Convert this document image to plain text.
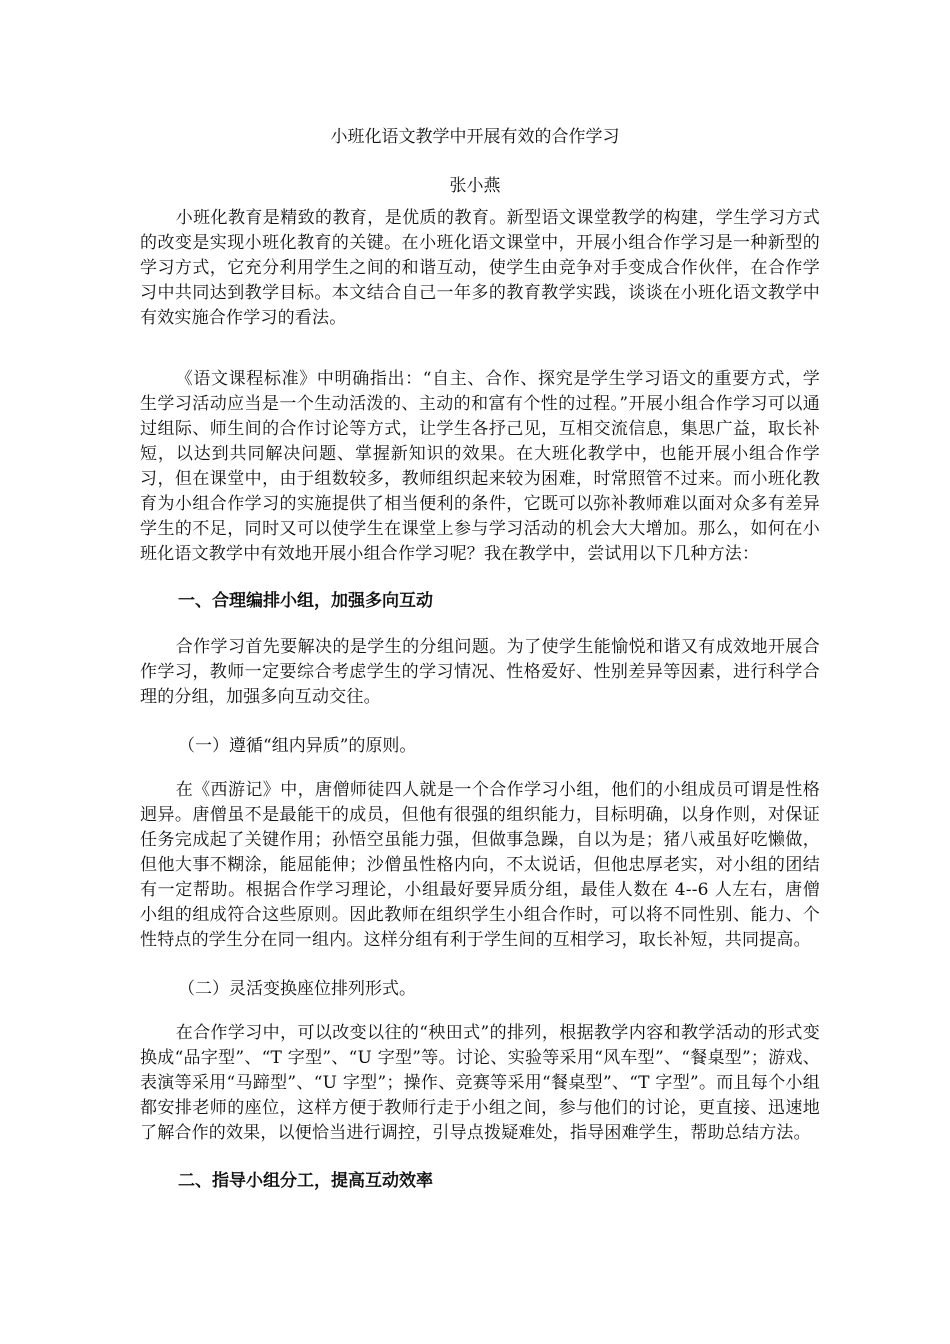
小班化语文教学中开展有效的合作学习
张小燕

小班化教育是精致的教育，是优质的教育。新型语文课堂教学的构建，学生学习方式的改变是实现小班化教育的关键。在小班化语文课堂中，开展小组合作学习是一种新型的学习方式，它充分利用学生之间的和谐互动，使学生由竞争对手变成合作伙伴，在合作学习中共同达到教学目标。本文结合自己一年多的教育教学实践，谈谈在小班化语文教学中有效实施合作学习的看法。

《语文课程标准》中明确指出：“自主、合作、探究是学生学习语文的重要方式，学生学习活动应当是一个生动活泼的、主动的和富有个性的过程。”开展小组合作学习可以通过组际、师生间的合作讨论等方式，让学生各抒己见，互相交流信息，集思广益，取长补短，以达到共同解决问题、掌握新知识的效果。在大班化教学中，也能开展小组合作学习，但在课堂中，由于组数较多，教师组织起来较为困难，时常照管不过来。而小班化教育为小组合作学习的实施提供了相当便利的条件，它既可以弥补教师难以面对众多有差异学生的不足，同时又可以使学生在课堂上参与学习活动的机会大大增加。那么，如何在小班化语文教学中有效地开展小组合作学习呢？我在教学中，尝试用以下几种方法：

一、合理编排小组，加强多向互动

合作学习首先要解决的是学生的分组问题。为了使学生能愉悦和谐又有成效地开展合作学习，教师一定要综合考虑学生的学习情况、性格爱好、性别差异等因素，进行科学合理的分组，加强多向互动交往。

（一）遵循“组内异质”的原则。

在《西游记》中，唐僧师徒四人就是一个合作学习小组，他们的小组成员可谓是性格迥异。唐僧虽不是最能干的成员，但他有很强的组织能力，目标明确，以身作则，对保证任务完成起了关键作用；孙悟空虽能力强，但做事急躁，自以为是；猪八戒虽好吃懒做，但他大事不糊涂，能屈能伸；沙僧虽性格内向，不太说话，但他忠厚老实，对小组的团结有一定帮助。根据合作学习理论，小组最好要异质分组，最佳人数在 4--6 人左右，唐僧小组的组成符合这些原则。因此教师在组织学生小组合作时，可以将不同性别、能力、个性特点的学生分在同一组内。这样分组有利于学生间的互相学习，取长补短，共同提高。

（二）灵活变换座位排列形式。

在合作学习中，可以改变以往的“秧田式”的排列，根据教学内容和教学活动的形式变换成“品字型”、“T 字型”、“U 字型”等。讨论、实验等采用“风车型”、“餐桌型”；游戏、表演等采用“马蹄型”、“U 字型”；操作、竞赛等采用“餐桌型”、“T 字型”。而且每个小组都安排老师的座位，这样方便于教师行走于小组之间，参与他们的讨论，更直接、迅速地了解合作的效果，以便恰当进行调控，引导点拨疑难处，指导困难学生，帮助总结方法。

二、指导小组分工，提高互动效率
